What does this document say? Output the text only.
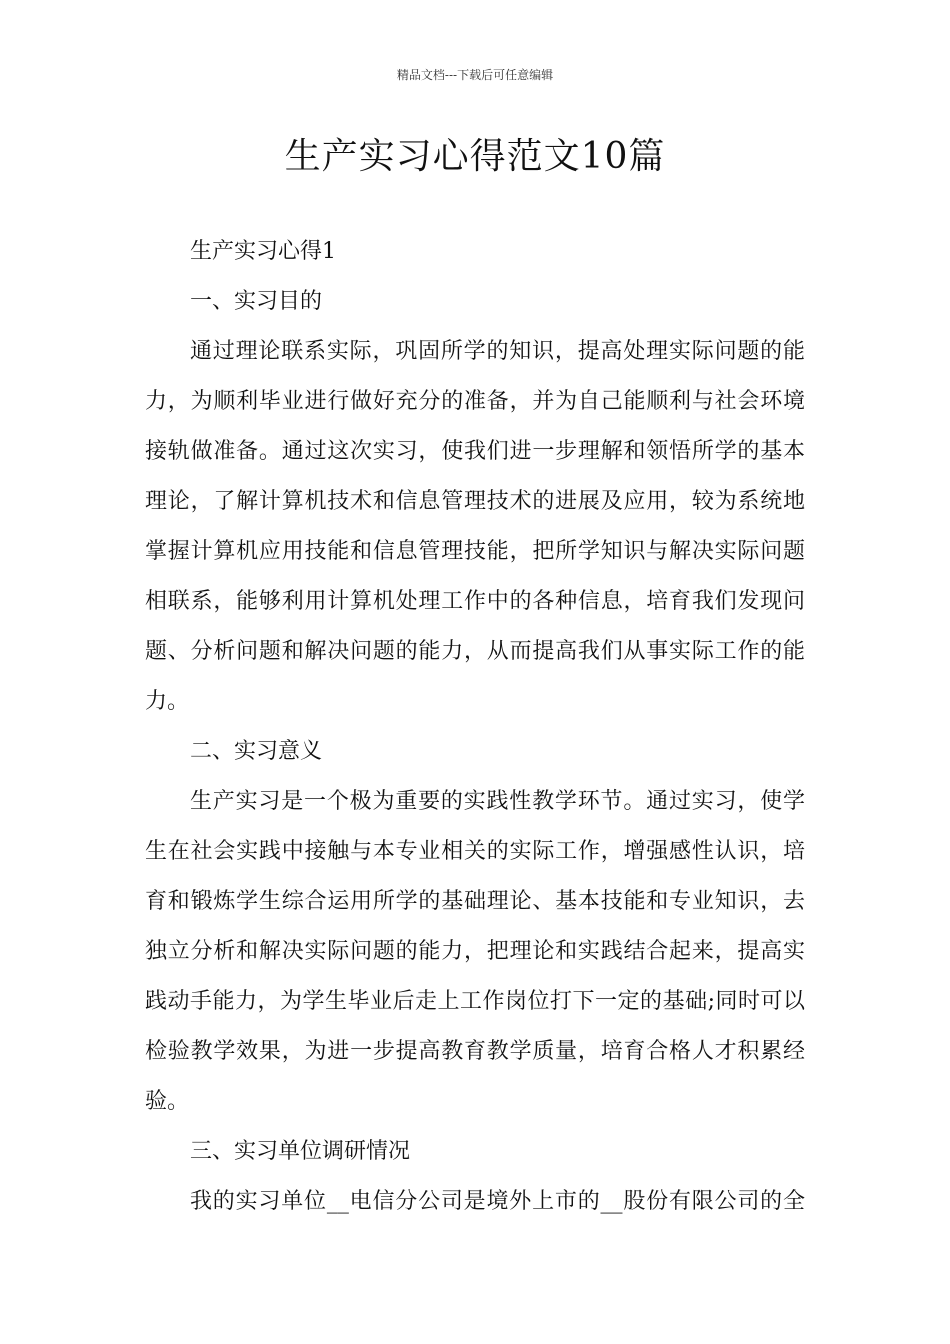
精品文档---下载后可任意编辑
生产实习心得范文10篇
生产实习心得1
一、实习目的
通过理论联系实际，巩固所学的知识，提高处理实际问题的能
力，为顺利毕业进行做好充分的准备，并为自己能顺利与社会环境
接轨做准备。通过这次实习，使我们进一步理解和领悟所学的基本
理论，了解计算机技术和信息管理技术的进展及应用，较为系统地
掌握计算机应用技能和信息管理技能，把所学知识与解决实际问题
相联系，能够利用计算机处理工作中的各种信息，培育我们发现问
题、分析问题和解决问题的能力，从而提高我们从事实际工作的能
力。
二、实习意义
生产实习是一个极为重要的实践性教学环节。通过实习，使学
生在社会实践中接触与本专业相关的实际工作，增强感性认识，培
育和锻炼学生综合运用所学的基础理论、基本技能和专业知识，去
独立分析和解决实际问题的能力，把理论和实践结合起来，提高实
践动手能力，为学生毕业后走上工作岗位打下一定的基础;同时可以
检验教学效果，为进一步提高教育教学质量，培育合格人才积累经
验。
三、实习单位调研情况
我的实习单位__电信分公司是境外上市的__股份有限公司的全
